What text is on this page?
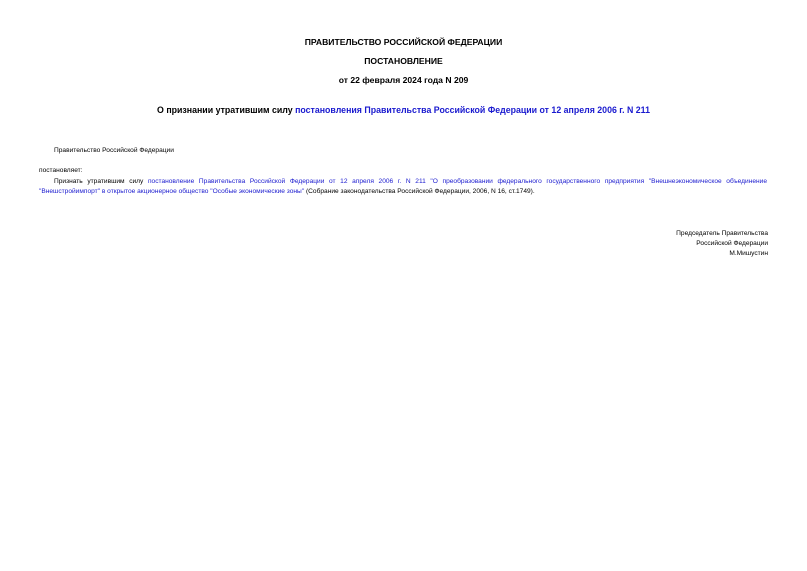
ПРАВИТЕЛЬСТВО РОССИЙСКОЙ ФЕДЕРАЦИИ
ПОСТАНОВЛЕНИЕ
от 22 февраля 2024 года N 209
О признании утратившим силу постановления Правительства Российской Федерации от 12 апреля 2006 г. N 211
Правительство Российской Федерации
постановляет:
Признать утратившим силу постановление Правительства Российской Федерации от 12 апреля 2006 г. N 211 "О преобразовании федерального государственного предприятия "Внешнеэкономическое объединение "Внешстройимпорт" в открытое акционерное общество "Особые экономические зоны" (Собрание законодательства Российской Федерации, 2006, N 16, ст.1749).
Председатель Правительства
Российской Федерации
М.Мишустин
